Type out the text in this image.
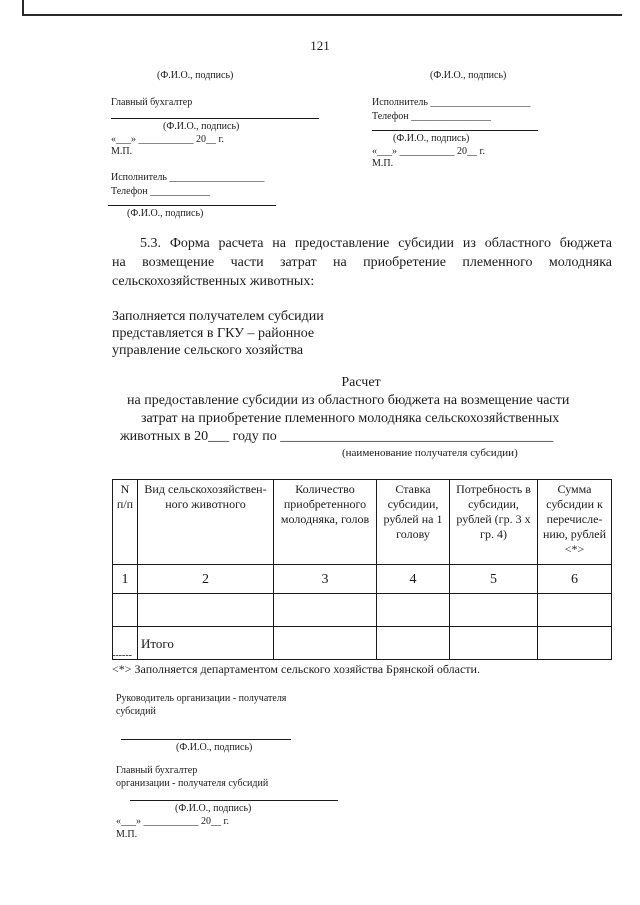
121
(Ф.И.О., подпись)
Главный бухгалтер
(Ф.И.О., подпись)
«___» ___________ 20__ г.
М.П.
Исполнитель ___________________
Телефон ____________
(Ф.И.О., подпись)
(Ф.И.О., подпись)
Исполнитель ____________________
Телефон ________________
(Ф.И.О., подпись)
«___» ___________ 20__ г.
М.П.
5.3. Форма расчета на предоставление субсидии из областного бюджета
на возмещение части затрат на приобретение племенного молодняка
сельскохозяйственных животных:
Заполняется получателем субсидии
представляется в ГКУ – районное
управление сельского хозяйства
Расчет
на предоставление субсидии из областного бюджета на возмещение части
затрат на приобретение племенного молодняка сельскохозяйственных
животных в 20___ году по _______________________________________
(наименование получателя субсидии)
N п/п	Вид сельскохозяйствен-ного животного	Количество приобретенного молодняка, голов	Ставка субсидии, рублей на 1 голову	Потребность в субсидии, рублей (гр. 3 x гр. 4)	Сумма субсидии к перечисле-нию, рублей <*>
1	2	3	4	5	6

	Итого				
------
<*> Заполняется департаментом сельского хозяйства Брянской области.
Руководитель организации - получателя
субсидий
(Ф.И.О., подпись)
Главный бухгалтер
организации - получателя субсидий
(Ф.И.О., подпись)
«___» ___________ 20__ г.
М.П.
